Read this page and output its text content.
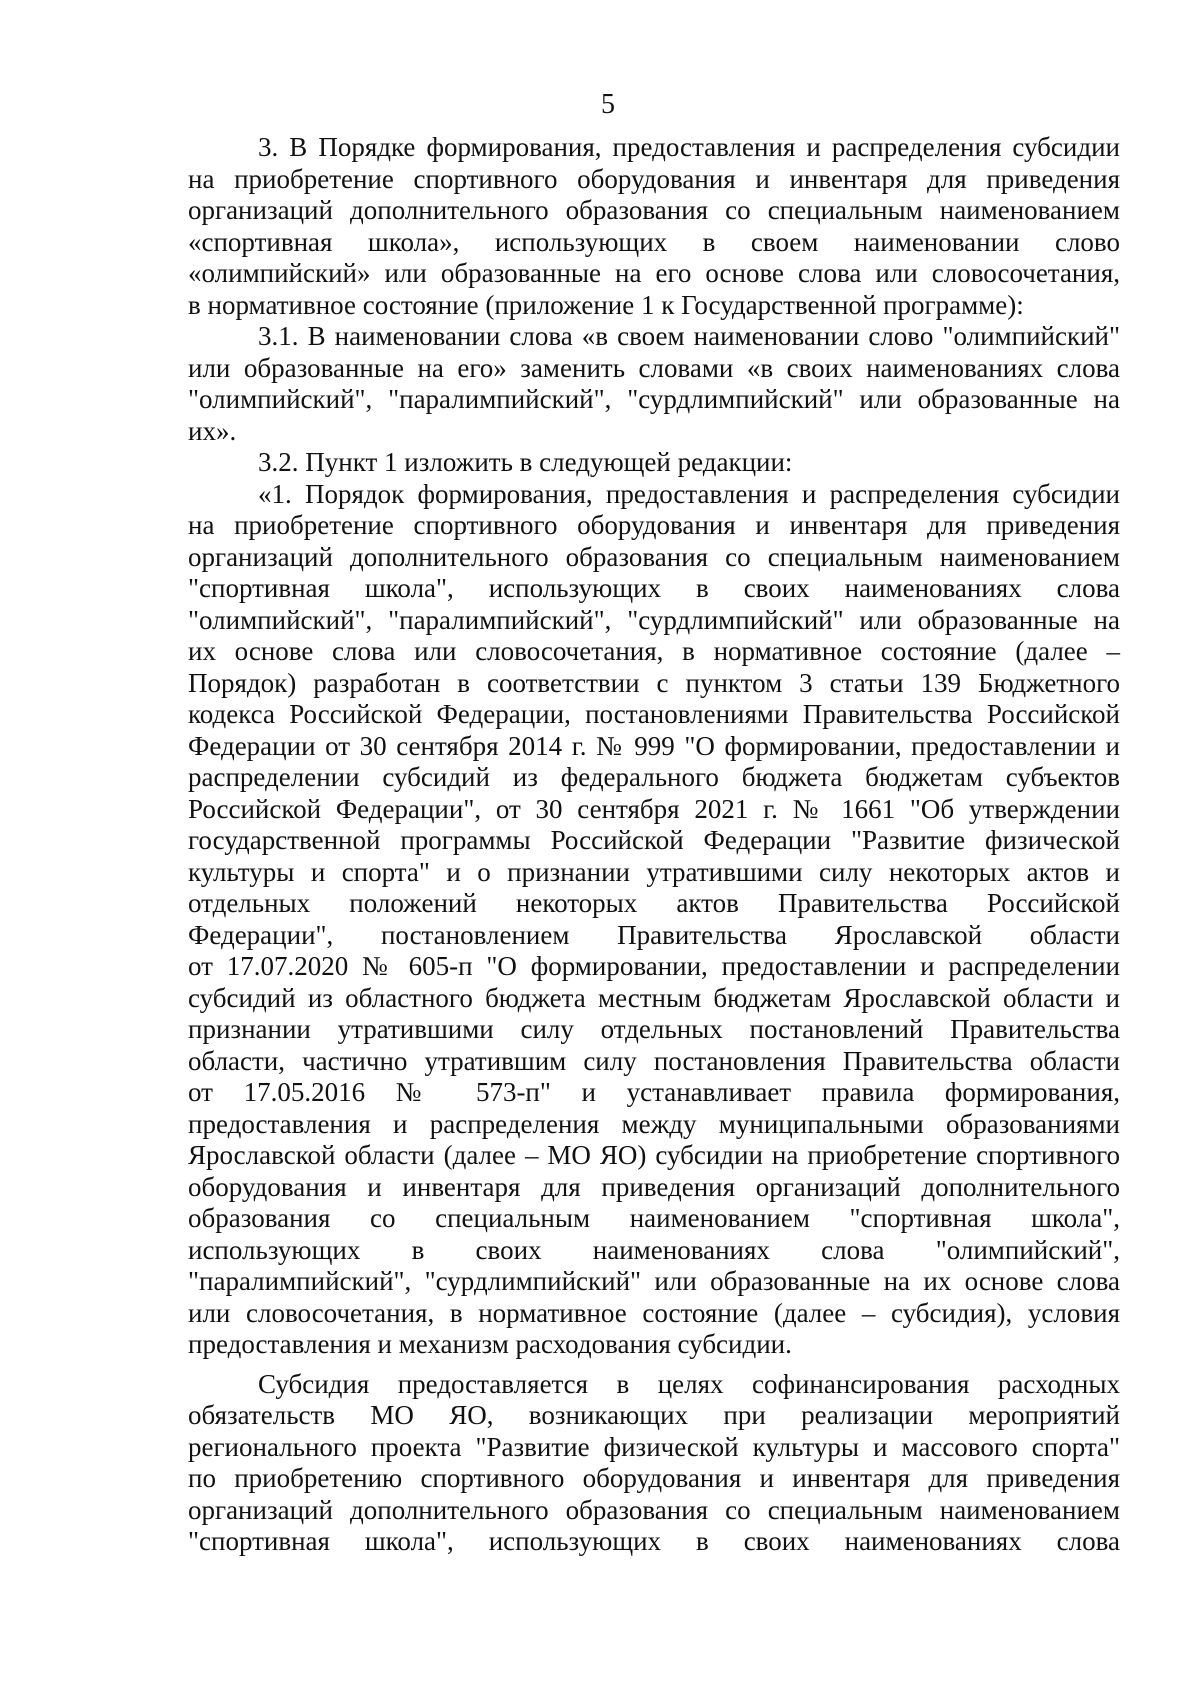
5
3. В Порядке формирования, предоставления и распределения субсидии
на приобретение спортивного оборудования и инвентаря для приведения
организаций дополнительного образования со специальным наименованием
«спортивная школа», использующих в своем наименовании слово
«олимпийский» или образованные на его основе слова или словосочетания,
в нормативное состояние (приложение 1 к Государственной программе):
3.1. В наименовании слова «в своем наименовании слово "олимпийский"
или образованные на его» заменить словами «в своих наименованиях слова
"олимпийский", "паралимпийский", "сурдлимпийский" или образованные на
их».
3.2. Пункт 1 изложить в следующей редакции:
«1. Порядок формирования, предоставления и распределения субсидии
на приобретение спортивного оборудования и инвентаря для приведения
организаций дополнительного образования со специальным наименованием
"спортивная школа", использующих в своих наименованиях слова
"олимпийский", "паралимпийский", "сурдлимпийский" или образованные на
их основе слова или словосочетания, в нормативное состояние (далее –
Порядок) разработан в соответствии с пунктом 3 статьи 139 Бюджетного
кодекса Российской Федерации, постановлениями Правительства Российской
Федерации от 30 сентября 2014 г. № 999 "О формировании, предоставлении и
распределении субсидий из федерального бюджета бюджетам субъектов
Российской Федерации", от 30 сентября 2021 г. № 1661 "Об утверждении
государственной программы Российской Федерации "Развитие физической
культуры и спорта" и о признании утратившими силу некоторых актов и
отдельных положений некоторых актов Правительства Российской
Федерации", постановлением Правительства Ярославской области
от 17.07.2020 № 605-п "О формировании, предоставлении и распределении
субсидий из областного бюджета местным бюджетам Ярославской области и
признании утратившими силу отдельных постановлений Правительства
области, частично утратившим силу постановления Правительства области
от 17.05.2016 № 573-п" и устанавливает правила формирования,
предоставления и распределения между муниципальными образованиями
Ярославской области (далее – МО ЯО) субсидии на приобретение спортивного
оборудования и инвентаря для приведения организаций дополнительного
образования со специальным наименованием "спортивная школа",
использующих в своих наименованиях слова "олимпийский",
"паралимпийский", "сурдлимпийский" или образованные на их основе слова
или словосочетания, в нормативное состояние (далее – субсидия), условия
предоставления и механизм расходования субсидии.
Субсидия предоставляется в целях софинансирования расходных
обязательств МО ЯО, возникающих при реализации мероприятий
регионального проекта "Развитие физической культуры и массового спорта"
по приобретению спортивного оборудования и инвентаря для приведения
организаций дополнительного образования со специальным наименованием
"спортивная школа", использующих в своих наименованиях слова
